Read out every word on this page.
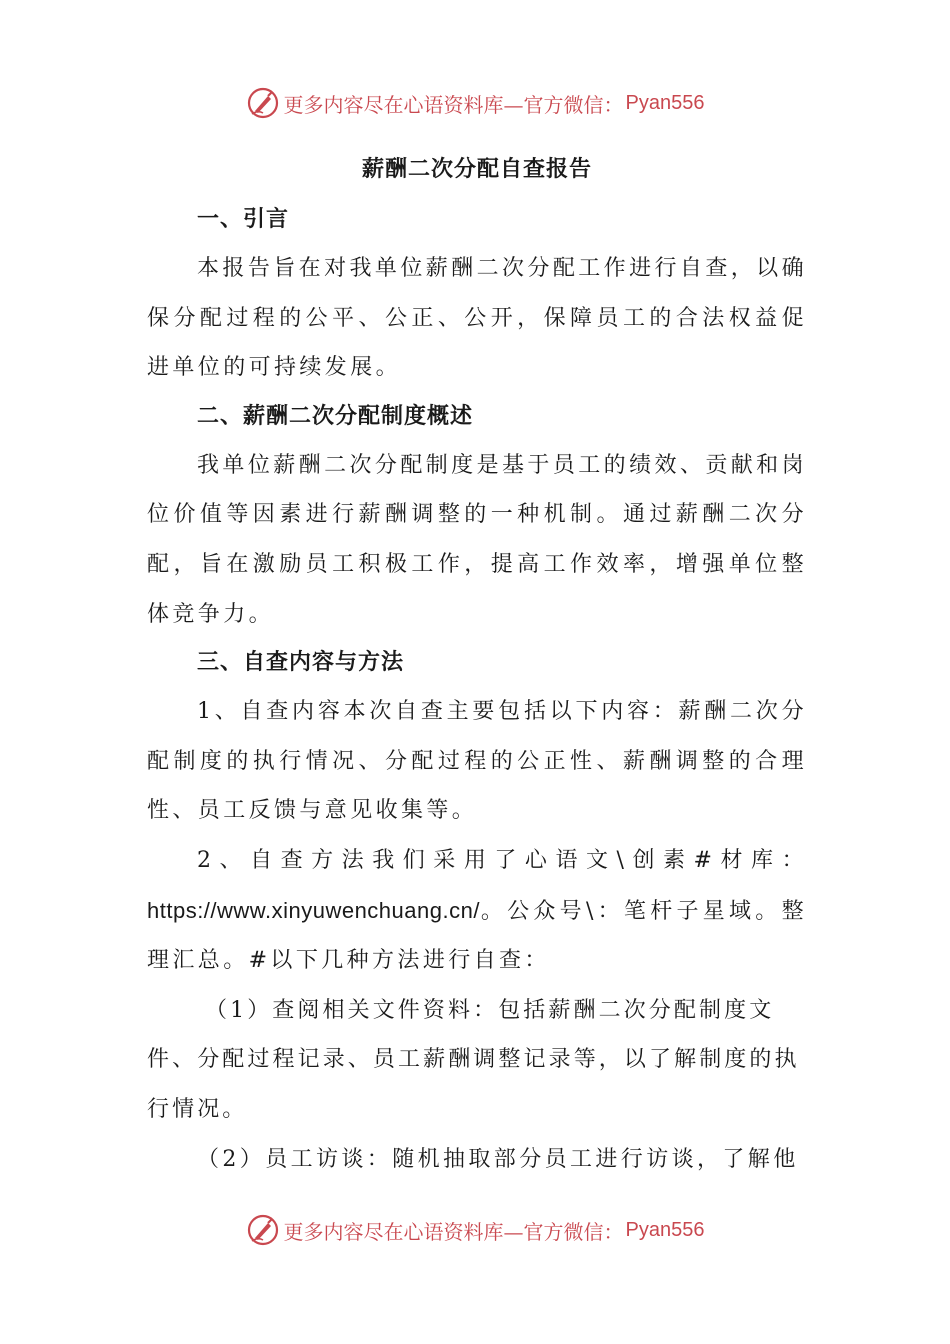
更多内容尽在心语资料库—官方微信： Pyan556
薪酬二次分配自查报告
一、引言

本报告旨在对我单位薪酬二次分配工作进行自查，以确保分配过程的公平、公正、公开，保障员工的合法权益促进单位的可持续发展。

二、薪酬二次分配制度概述

我单位薪酬二次分配制度是基于员工的绩效、贡献和岗位价值等因素进行薪酬调整的一种机制。通过薪酬二次分配，旨在激励员工积极工作，提高工作效率，增强单位整体竞争力。

三、自查内容与方法

1、自查内容本次自查主要包括以下内容：薪酬二次分配制度的执行情况、分配过程的公正性、薪酬调整的合理性、员工反馈与意见收集等。

2、自查方法我们采用了心语文\创素#材库：https://www.xinyuwenchuang.cn/。公众号\：笔杆子星域。整理汇总。#以下几种方法进行自查：

（1）查阅相关文件资料：包括薪酬二次分配制度文件、分配过程记录、员工薪酬调整记录等，以了解制度的执行情况。

（2）员工访谈：随机抽取部分员工进行访谈，了解他

更多内容尽在心语资料库—官方微信： Pyan556
